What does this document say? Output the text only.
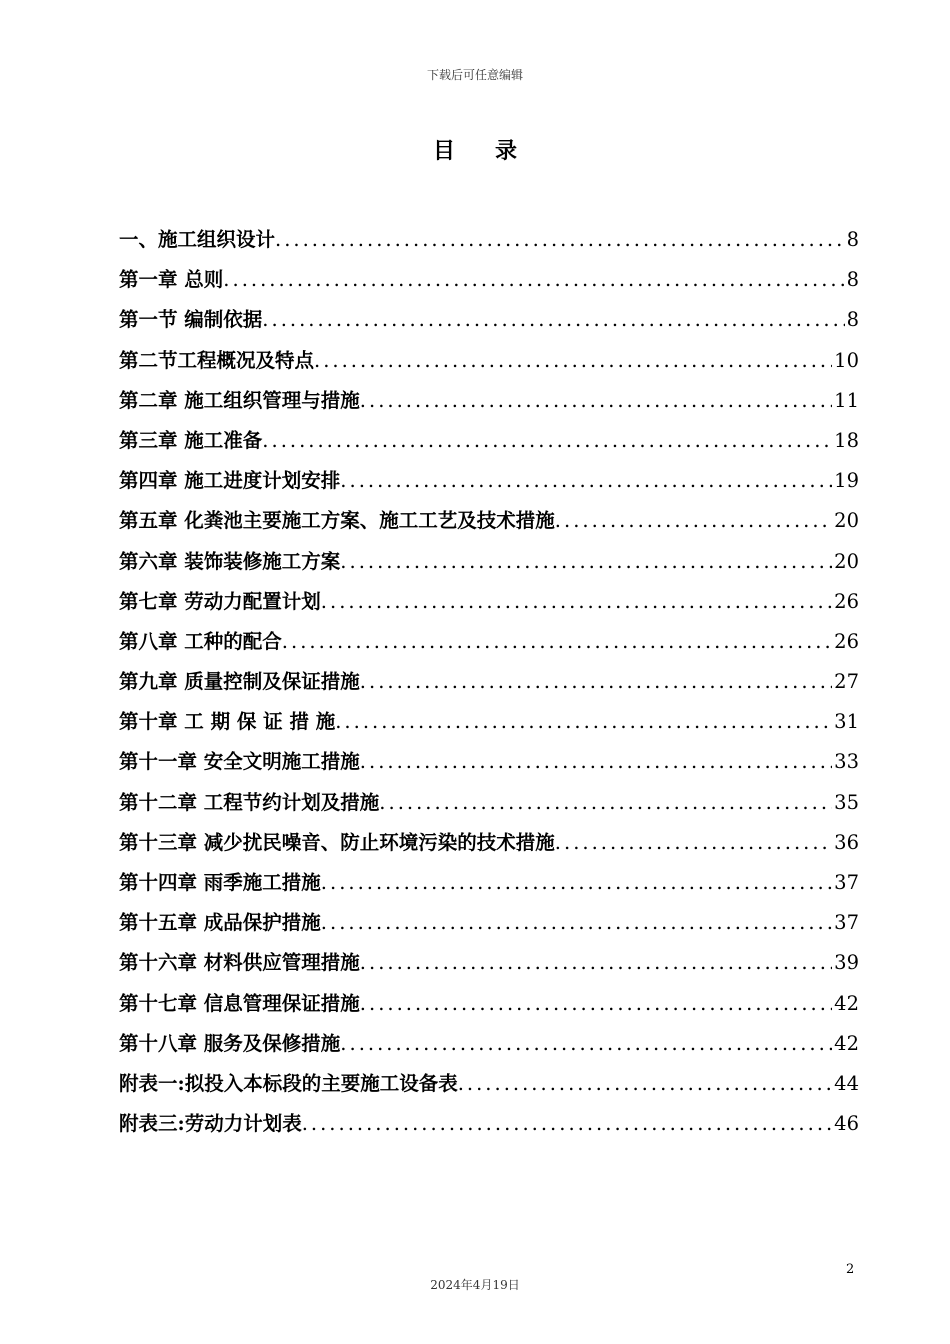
下载后可任意编辑
目录
一、施工组织设计 .....	8
第一章 总则 .....	8
第一节 编制依据 .....	8
第二节工程概况及特点 .....	10
第二章 施工组织管理与措施 .....	11
第三章 施工准备 .....	18
第四章 施工进度计划安排 .....	19
第五章 化粪池主要施工方案、施工工艺及技术措施 .....	20
第六章 装饰装修施工方案 .....	20
第七章 劳动力配置计划 .....	26
第八章 工种的配合 .....	26
第九章 质量控制及保证措施 .....	27
第十章 工 期 保 证 措 施 .....	31
第十一章 安全文明施工措施 .....	33
第十二章 工程节约计划及措施 .....	35
第十三章 减少扰民噪音、防止环境污染的技术措施 .....	36
第十四章 雨季施工措施 .....	37
第十五章 成品保护措施 .....	37
第十六章 材料供应管理措施 .....	39
第十七章 信息管理保证措施 .....	42
第十八章 服务及保修措施 .....	42
附表一:拟投入本标段的主要施工设备表 .....	44
附表三:劳动力计划表 .....	46
2
2024年4月19日
